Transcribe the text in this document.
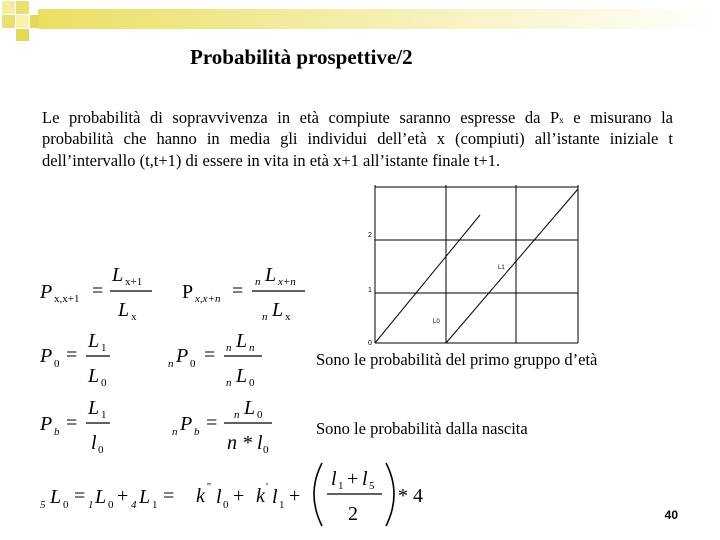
Probabilità prospettive/2
Le probabilità di sopravvivenza in età compiute saranno espresse da Px e misurano la probabilità che hanno in media gli individui dell’età x (compiuti) all’istante iniziale t dell’intervallo (t,t+1) di essere in vita in età x+1 all’istante finale t+1.
2
1
0
L1
L0
P x,x+1 =
L x+1
L x
P x,x+n = n L x+n
n L x
P 0 =
L 1
L 0
n P 0 = n L n
n L 0
P b =
L 1
l 0
n P b = n L 0
n * l 0
5 L 0 = 1 L 0 + 4 L 1 = k '' l 0 + k ' l 1 +
l 1 + l 5
2
* 4
Sono le probabilità del primo gruppo d’età
Sono le probabilità dalla nascita
40
